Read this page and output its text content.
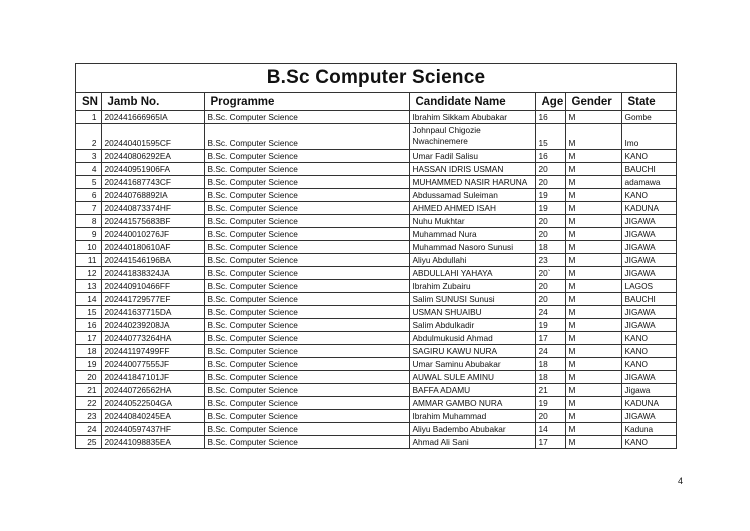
B.Sc Computer Science
SN	Jamb No.	Programme	Candidate Name	Age	Gender	State
1	202441666965IA	B.Sc. Computer Science	Ibrahim Sikkam Abubakar	16	M	Gombe
2	202440401595CF	B.Sc. Computer Science	Johnpaul Chigozie Nwachinemere	15	M	Imo
3	202440806292EA	B.Sc. Computer Science	Umar Fadil Salisu	16	M	KANO
4	202440951906FA	B.Sc. Computer Science	HASSAN IDRIS USMAN	20	M	BAUCHI
5	202441687743CF	B.Sc. Computer Science	MUHAMMED NASIR HARUNA	20	M	adamawa
6	202440768892IA	B.Sc. Computer Science	Abdussamad Suleiman	19	M	KANO
7	202440873374HF	B.Sc. Computer Science	AHMED AHMED ISAH	19	M	KADUNA
8	202441575683BF	B.Sc. Computer Science	Nuhu Mukhtar	20	M	JIGAWA
9	202440010276JF	B.Sc. Computer Science	Muhammad Nura	20	M	JIGAWA
10	202440180610AF	B.Sc. Computer Science	Muhammad Nasoro Sunusi	18	M	JIGAWA
11	202441546196BA	B.Sc. Computer Science	Aliyu Abdullahi	23	M	JIGAWA
12	202441838324JA	B.Sc. Computer Science	ABDULLAHI YAHAYA	20`	M	JIGAWA
13	202440910466FF	B.Sc. Computer Science	Ibrahim Zubairu	20	M	LAGOS
14	202441729577EF	B.Sc. Computer Science	Salim SUNUSI Sunusi	20	M	BAUCHI
15	202441637715DA	B.Sc. Computer Science	USMAN SHUAIBU	24	M	JIGAWA
16	202440239208JA	B.Sc. Computer Science	Salim Abdulkadir	19	M	JIGAWA
17	202440773264HA	B.Sc. Computer Science	Abdulmukusid Ahmad	17	M	KANO
18	202441197499FF	B.Sc. Computer Science	SAGIRU KAWU NURA	24	M	KANO
19	202440077555JF	B.Sc. Computer Science	Umar Saminu Abubakar	18	M	KANO
20	202441847101JF	B.Sc. Computer Science	AUWAL SULE AMINU	18	M	JIGAWA
21	202440726562HA	B.Sc. Computer Science	BAFFA ADAMU	21	M	Jigawa
22	202440522504GA	B.Sc. Computer Science	AMMAR GAMBO NURA	19	M	KADUNA
23	202440840245EA	B.Sc. Computer Science	Ibrahim Muhammad	20	M	JIGAWA
24	202440597437HF	B.Sc. Computer Science	Aliyu Badembo Abubakar	14	M	Kaduna
25	202441098835EA	B.Sc. Computer Science	Ahmad Ali Sani	17	M	KANO
4
